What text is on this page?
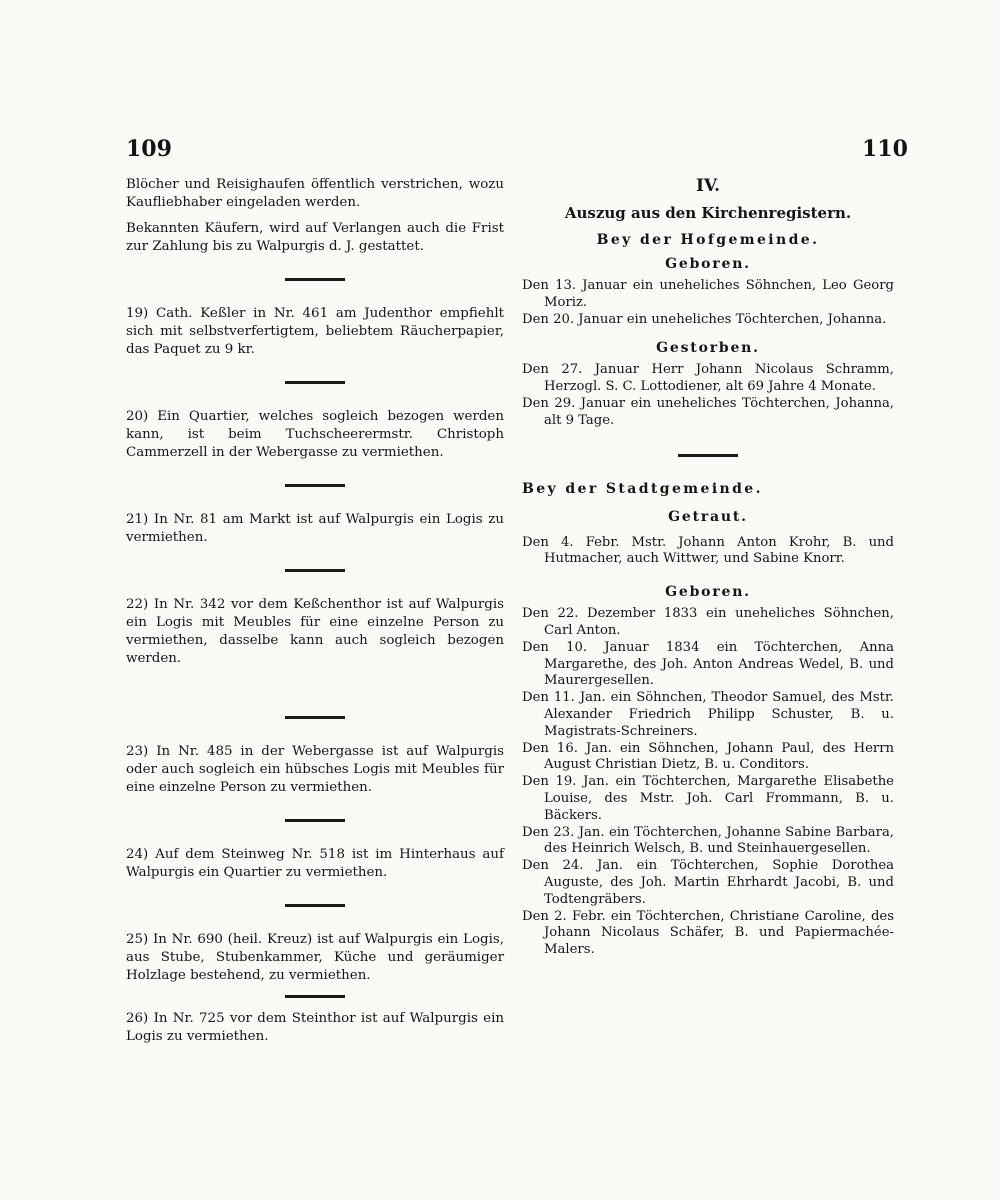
109	110

Blöcher und Reisighaufen öffentlich verstrichen, wozu Kaufliebhaber eingeladen werden.

Bekannten Käufern, wird auf Verlangen auch die Frist zur Zahlung bis zu Walpurgis d. J. gestattet.

19) Cath. Keßler in Nr. 461 am Judenthor empfiehlt sich mit selbstverfertigtem, beliebtem Räucherpapier, das Paquet zu 9 kr.

20) Ein Quartier, welches sogleich bezogen werden kann, ist beim Tuchscheerermstr. Christoph Cammerzell in der Webergasse zu vermiethen.

21) In Nr. 81 am Markt ist auf Walpurgis ein Logis zu vermiethen.

22) In Nr. 342 vor dem Keßchenthor ist auf Walpurgis ein Logis mit Meubles für eine einzelne Person zu vermiethen, dasselbe kann auch sogleich bezogen werden.

23) In Nr. 485 in der Webergasse ist auf Walpurgis oder auch sogleich ein hübsches Logis mit Meubles für eine einzelne Person zu vermiethen.

24) Auf dem Steinweg Nr. 518 ist im Hinterhaus auf Walpurgis ein Quartier zu vermiethen.

25) In Nr. 690 (heil. Kreuz) ist auf Walpurgis ein Logis, aus Stube, Stubenkammer, Küche und geräumiger Holzlage bestehend, zu vermiethen.

26) In Nr. 725 vor dem Steinthor ist auf Walpurgis ein Logis zu vermiethen.

IV.
Auszug aus den Kirchenregistern.
Bey der Hofgemeinde.
Geboren.

Den 13. Januar ein uneheliches Söhnchen, Leo Georg Moriz.

Den 20. Januar ein uneheliches Töchterchen, Johanna.

Gestorben.

Den 27. Januar Herr Johann Nicolaus Schramm, Herzogl. S. C. Lottodiener, alt 69 Jahre 4 Monate.

Den 29. Januar ein uneheliches Töchterchen, Johanna, alt 9 Tage.

Bey der Stadtgemeinde.
Getraut.

Den 4. Febr. Mstr. Johann Anton Krohr, B. und Hutmacher, auch Wittwer, und Sabine Knorr.

Geboren.

Den 22. Dezember 1833 ein uneheliches Söhnchen, Carl Anton.

Den 10. Januar 1834 ein Töchterchen, Anna Margarethe, des Joh. Anton Andreas Wedel, B. und Maurergesellen.

Den 11. Jan. ein Söhnchen, Theodor Samuel, des Mstr. Alexander Friedrich Philipp Schuster, B. u. Magistrats-Schreiners.

Den 16. Jan. ein Söhnchen, Johann Paul, des Herrn August Christian Dietz, B. u. Conditors.

Den 19. Jan. ein Töchterchen, Margarethe Elisabethe Louise, des Mstr. Joh. Carl Frommann, B. u. Bäckers.

Den 23. Jan. ein Töchterchen, Johanne Sabine Barbara, des Heinrich Welsch, B. und Steinhauergesellen.

Den 24. Jan. ein Töchterchen, Sophie Dorothea Auguste, des Joh. Martin Ehrhardt Jacobi, B. und Todtengräbers.

Den 2. Febr. ein Töchterchen, Christiane Caroline, des Johann Nicolaus Schäfer, B. und Papiermachée-Malers.
